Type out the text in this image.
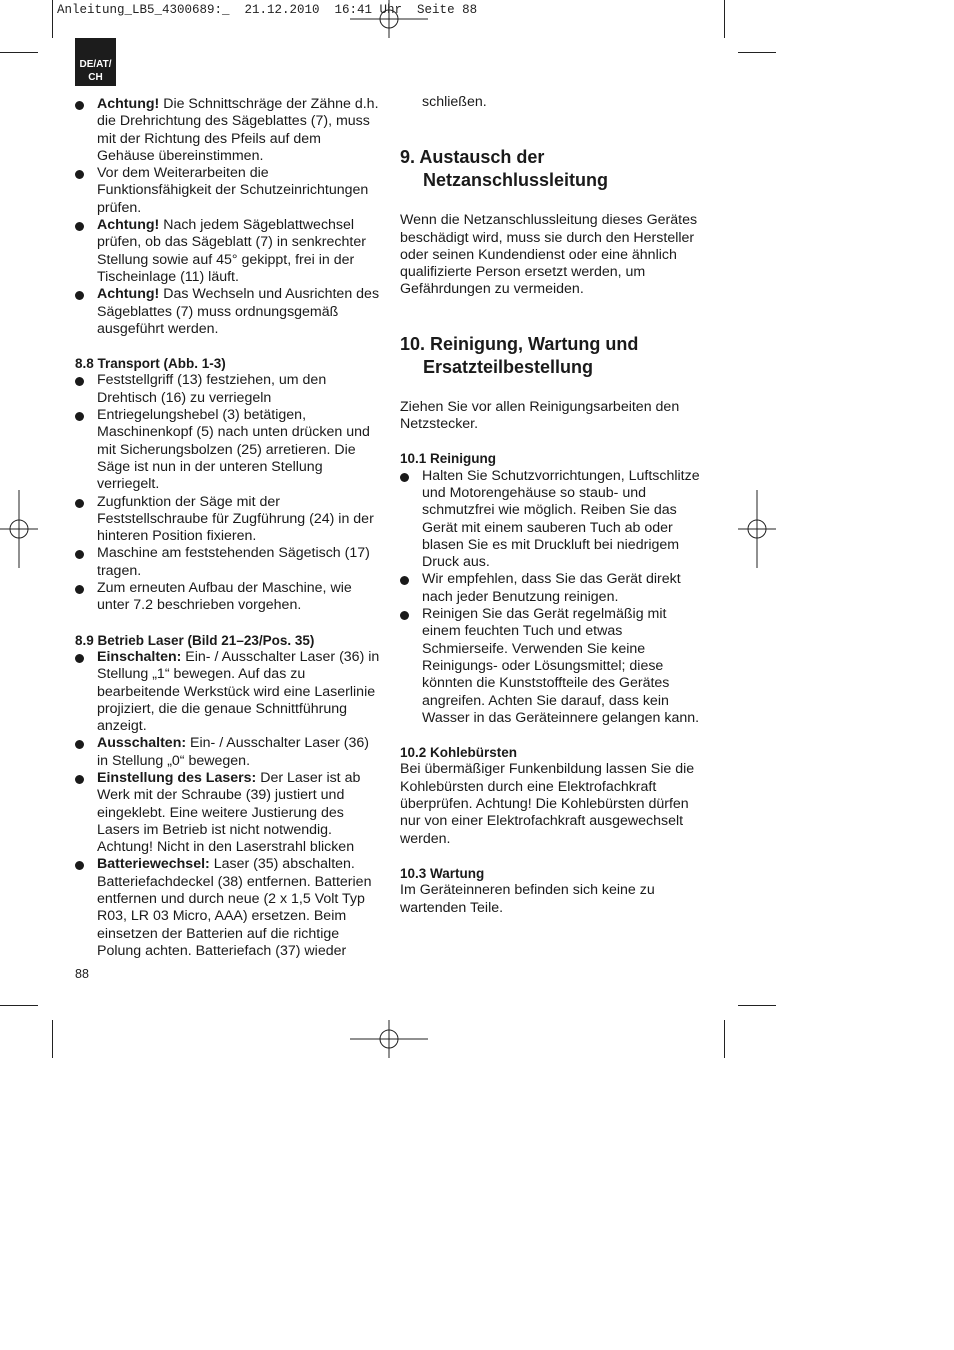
Anleitung_LB5_4300689:_  21.12.2010  16:41 Uhr  Seite 88
DE/AT/
CH
Achtung! Die Schnittschräge der Zähne d.h. die Drehrichtung des Sägeblattes (7), muss mit der Richtung des Pfeils auf dem Gehäuse übereinstimmen.
Vor dem Weiterarbeiten die Funktionsfähigkeit der Schutzeinrichtungen prüfen.
Achtung! Nach jedem Sägeblattwechsel prüfen, ob das Sägeblatt (7) in senkrechter Stellung sowie auf 45° gekippt, frei in der Tischeinlage (11) läuft.
Achtung! Das Wechseln und Ausrichten des Sägeblattes (7) muss ordnungsgemäß ausgeführt werden.

8.8 Transport (Abb. 1-3)

Feststellgriff (13) festziehen, um den Drehtisch (16) zu verriegeln
Entriegelungshebel (3) betätigen, Maschinenkopf (5) nach unten drücken und mit Sicherungsbolzen (25) arretieren. Die Säge ist nun in der unteren Stellung verriegelt.
Zugfunktion der Säge mit der Feststellschraube für Zugführung (24) in der hinteren Position fixieren.
Maschine am feststehenden Sägetisch (17) tragen.
Zum erneuten Aufbau der Maschine, wie unter 7.2 beschrieben vorgehen.

8.9 Betrieb Laser (Bild 21–23/Pos. 35)

Einschalten: Ein- / Ausschalter Laser (36) in Stellung „1“ bewegen. Auf das zu bearbeitende Werkstück wird eine Laserlinie projiziert, die die genaue Schnittführung anzeigt.
Ausschalten: Ein- / Ausschalter Laser (36) in Stellung „0“ bewegen.
Einstellung des Lasers: Der Laser ist ab Werk mit der Schraube (39) justiert und eingeklebt. Eine weitere Justierung des Lasers im Betrieb ist nicht notwendig. Achtung! Nicht in den Laserstrahl blicken
Batteriewechsel: Laser (35) abschalten. Batteriefachdeckel (38) entfernen. Batterien entfernen und durch neue (2 x 1,5 Volt Typ R03, LR 03 Micro, AAA) ersetzen. Beim einsetzen der Batterien auf die richtige Polung achten. Batteriefach (37) wieder
88

schließen.

9. Austausch der Netzanschlussleitung

Wenn die Netzanschlussleitung dieses Gerätes beschädigt wird, muss sie durch den Hersteller oder seinen Kundendienst oder eine ähnlich qualifizierte Person ersetzt werden, um Gefährdungen zu vermeiden.

10. Reinigung, Wartung und Ersatzteilbestellung

Ziehen Sie vor allen Reinigungsarbeiten den Netzstecker.

10.1 Reinigung

Halten Sie Schutzvorrichtungen, Luftschlitze und Motorengehäuse so staub- und schmutzfrei wie möglich. Reiben Sie das Gerät mit einem sauberen Tuch ab oder blasen Sie es mit Druckluft bei niedrigem Druck aus.
Wir empfehlen, dass Sie das Gerät direkt nach jeder Benutzung reinigen.
Reinigen Sie das Gerät regelmäßig mit einem feuchten Tuch und etwas Schmierseife. Verwenden Sie keine Reinigungs- oder Lösungsmittel; diese könnten die Kunststoffteile des Gerätes angreifen. Achten Sie darauf, dass kein Wasser in das Geräteinnere gelangen kann.

10.2 Kohlebürsten

Bei übermäßiger Funkenbildung lassen Sie die Kohlebürsten durch eine Elektrofachkraft überprüfen. Achtung! Die Kohlebürsten dürfen nur von einer Elektrofachkraft ausgewechselt werden.

10.3 Wartung

Im Geräteinneren befinden sich keine zu wartenden Teile.
